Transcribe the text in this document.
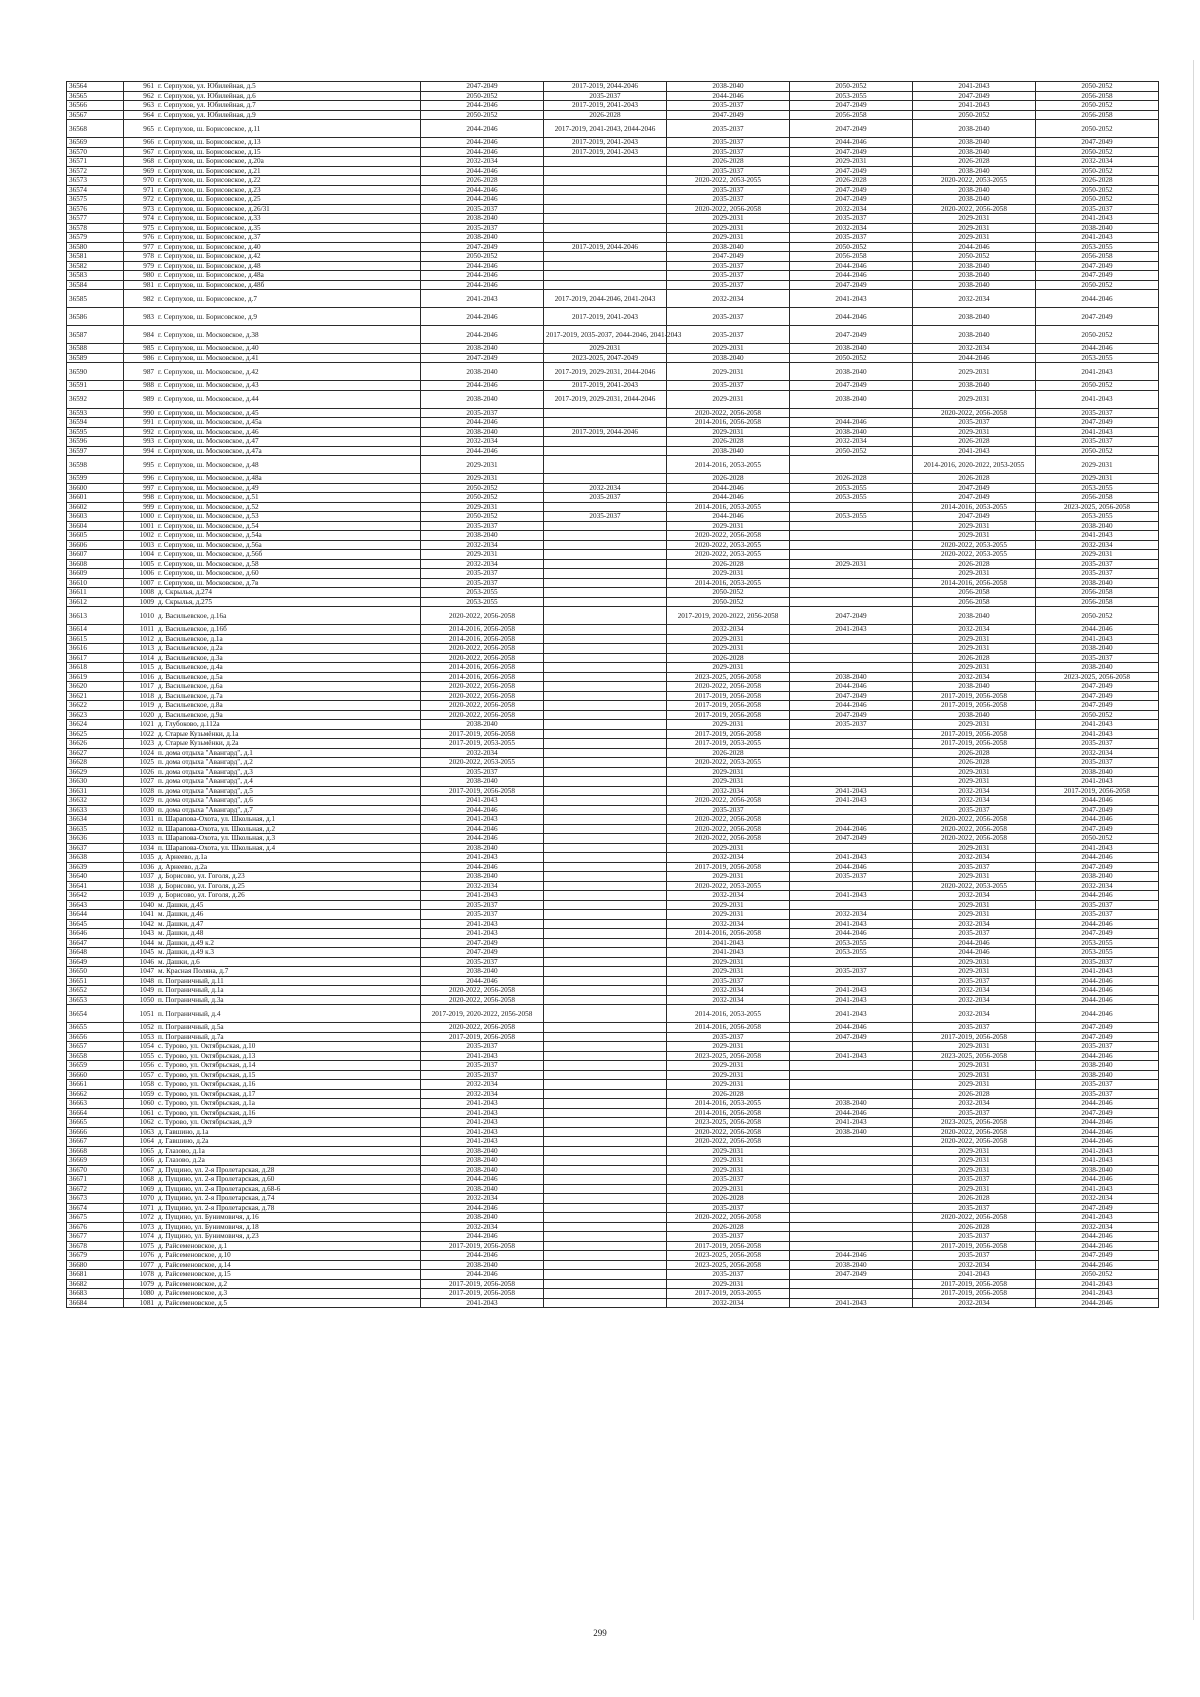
36564	961	г. Серпухов, ул. Юбилейная, д.5	2047-2049	2017-2019, 2044-2046	2038-2040	2050-2052	2041-2043	2050-2052
36565	962	г. Серпухов, ул. Юбилейная, д.6	2050-2052	2035-2037	2044-2046	2053-2055	2047-2049	2056-2058
36566	963	г. Серпухов, ул. Юбилейная, д.7	2044-2046	2017-2019, 2041-2043	2035-2037	2047-2049	2041-2043	2050-2052
36567	964	г. Серпухов, ул. Юбилейная, д.9	2050-2052	2026-2028	2047-2049	2056-2058	2050-2052	2056-2058
36568	965	г. Серпухов, ш. Борисовское, д.11	2044-2046	2017-2019, 2041-2043, 2044-2046	2035-2037	2047-2049	2038-2040	2050-2052
36569	966	г. Серпухов, ш. Борисовское, д.13	2044-2046	2017-2019, 2041-2043	2035-2037	2044-2046	2038-2040	2047-2049
36570	967	г. Серпухов, ш. Борисовское, д.15	2044-2046	2017-2019, 2041-2043	2035-2037	2047-2049	2038-2040	2050-2052
36571	968	г. Серпухов, ш. Борисовское, д.20а	2032-2034		2026-2028	2029-2031	2026-2028	2032-2034
36572	969	г. Серпухов, ш. Борисовское, д.21	2044-2046		2035-2037	2047-2049	2038-2040	2050-2052
36573	970	г. Серпухов, ш. Борисовское, д.22	2026-2028		2020-2022, 2053-2055	2026-2028	2020-2022, 2053-2055	2026-2028
36574	971	г. Серпухов, ш. Борисовское, д.23	2044-2046		2035-2037	2047-2049	2038-2040	2050-2052
36575	972	г. Серпухов, ш. Борисовское, д.25	2044-2046		2035-2037	2047-2049	2038-2040	2050-2052
36576	973	г. Серпухов, ш. Борисовское, д.26/31	2035-2037		2020-2022, 2056-2058	2032-2034	2020-2022, 2056-2058	2035-2037
36577	974	г. Серпухов, ш. Борисовское, д.33	2038-2040		2029-2031	2035-2037	2029-2031	2041-2043
36578	975	г. Серпухов, ш. Борисовское, д.35	2035-2037		2029-2031	2032-2034	2029-2031	2038-2040
36579	976	г. Серпухов, ш. Борисовское, д.37	2038-2040		2029-2031	2035-2037	2029-2031	2041-2043
36580	977	г. Серпухов, ш. Борисовское, д.40	2047-2049	2017-2019, 2044-2046	2038-2040	2050-2052	2044-2046	2053-2055
36581	978	г. Серпухов, ш. Борисовское, д.42	2050-2052		2047-2049	2056-2058	2050-2052	2056-2058
36582	979	г. Серпухов, ш. Борисовское, д.48	2044-2046		2035-2037	2044-2046	2038-2040	2047-2049
36583	980	г. Серпухов, ш. Борисовское, д.48а	2044-2046		2035-2037	2044-2046	2038-2040	2047-2049
36584	981	г. Серпухов, ш. Борисовское, д.48б	2044-2046		2035-2037	2047-2049	2038-2040	2050-2052
36585	982	г. Серпухов, ш. Борисовское, д.7	2041-2043	2017-2019, 2044-2046, 2041-2043	2032-2034	2041-2043	2032-2034	2044-2046
36586	983	г. Серпухов, ш. Борисовское, д.9	2044-2046	2017-2019, 2041-2043	2035-2037	2044-2046	2038-2040	2047-2049
36587	984	г. Серпухов, ш. Московское, д.38	2044-2046	2017-2019, 2035-2037, 2044-2046, 2041-2043	2035-2037	2047-2049	2038-2040	2050-2052
36588	985	г. Серпухов, ш. Московское, д.40	2038-2040	2029-2031	2029-2031	2038-2040	2032-2034	2044-2046
36589	986	г. Серпухов, ш. Московское, д.41	2047-2049	2023-2025, 2047-2049	2038-2040	2050-2052	2044-2046	2053-2055
36590	987	г. Серпухов, ш. Московское, д.42	2038-2040	2017-2019, 2029-2031, 2044-2046	2029-2031	2038-2040	2029-2031	2041-2043
36591	988	г. Серпухов, ш. Московское, д.43	2044-2046	2017-2019, 2041-2043	2035-2037	2047-2049	2038-2040	2050-2052
36592	989	г. Серпухов, ш. Московское, д.44	2038-2040	2017-2019, 2029-2031, 2044-2046	2029-2031	2038-2040	2029-2031	2041-2043
36593	990	г. Серпухов, ш. Московское, д.45	2035-2037		2020-2022, 2056-2058		2020-2022, 2056-2058	2035-2037
36594	991	г. Серпухов, ш. Московское, д.45а	2044-2046		2014-2016, 2056-2058	2044-2046	2035-2037	2047-2049
36595	992	г. Серпухов, ш. Московское, д.46	2038-2040	2017-2019, 2044-2046	2029-2031	2038-2040	2029-2031	2041-2043
36596	993	г. Серпухов, ш. Московское, д.47	2032-2034		2026-2028	2032-2034	2026-2028	2035-2037
36597	994	г. Серпухов, ш. Московское, д.47а	2044-2046		2038-2040	2050-2052	2041-2043	2050-2052
36598	995	г. Серпухов, ш. Московское, д.48	2029-2031		2014-2016, 2053-2055		2014-2016, 2020-2022, 2053-2055	2029-2031
36599	996	г. Серпухов, ш. Московское, д.48а	2029-2031		2026-2028	2026-2028	2026-2028	2029-2031
36600	997	г. Серпухов, ш. Московское, д.49	2050-2052	2032-2034	2044-2046	2053-2055	2047-2049	2053-2055
36601	998	г. Серпухов, ш. Московское, д.51	2050-2052	2035-2037	2044-2046	2053-2055	2047-2049	2056-2058
36602	999	г. Серпухов, ш. Московское, д.52	2029-2031		2014-2016, 2053-2055		2014-2016, 2053-2055	2023-2025, 2056-2058
36603	1000	г. Серпухов, ш. Московское, д.53	2050-2052	2035-2037	2044-2046	2053-2055	2047-2049	2053-2055
36604	1001	г. Серпухов, ш. Московское, д.54	2035-2037		2029-2031		2029-2031	2038-2040
36605	1002	г. Серпухов, ш. Московское, д.54а	2038-2040		2020-2022, 2056-2058		2029-2031	2041-2043
36606	1003	г. Серпухов, ш. Московское, д.56а	2032-2034		2020-2022, 2053-2055		2020-2022, 2053-2055	2032-2034
36607	1004	г. Серпухов, ш. Московское, д.56б	2029-2031		2020-2022, 2053-2055		2020-2022, 2053-2055	2029-2031
36608	1005	г. Серпухов, ш. Московское, д.58	2032-2034		2026-2028	2029-2031	2026-2028	2035-2037
36609	1006	г. Серпухов, ш. Московское, д.60	2035-2037		2029-2031		2029-2031	2035-2037
36610	1007	г. Серпухов, ш. Московское, д.7в	2035-2037		2014-2016, 2053-2055		2014-2016, 2056-2058	2038-2040
36611	1008	д. Скрылья, д.274	2053-2055		2050-2052		2056-2058	2056-2058
36612	1009	д. Скрылья, д.275	2053-2055		2050-2052		2056-2058	2056-2058
36613	1010	д. Васильевское, д.16а	2020-2022, 2056-2058		2017-2019, 2020-2022, 2056-2058	2047-2049	2038-2040	2050-2052
36614	1011	д. Васильевское, д.16б	2014-2016, 2056-2058		2032-2034	2041-2043	2032-2034	2044-2046
36615	1012	д. Васильевское, д.1а	2014-2016, 2056-2058		2029-2031		2029-2031	2041-2043
36616	1013	д. Васильевское, д.2а	2020-2022, 2056-2058		2029-2031		2029-2031	2038-2040
36617	1014	д. Васильевское, д.3а	2020-2022, 2056-2058		2026-2028		2026-2028	2035-2037
36618	1015	д. Васильевское, д.4а	2014-2016, 2056-2058		2029-2031		2029-2031	2038-2040
36619	1016	д. Васильевское, д.5а	2014-2016, 2056-2058		2023-2025, 2056-2058	2038-2040	2032-2034	2023-2025, 2056-2058
36620	1017	д. Васильевское, д.6а	2020-2022, 2056-2058		2020-2022, 2056-2058	2044-2046	2038-2040	2047-2049
36621	1018	д. Васильевское, д.7а	2020-2022, 2056-2058		2017-2019, 2056-2058	2047-2049	2017-2019, 2056-2058	2047-2049
36622	1019	д. Васильевское, д.8а	2020-2022, 2056-2058		2017-2019, 2056-2058	2044-2046	2017-2019, 2056-2058	2047-2049
36623	1020	д. Васильевское, д.9а	2020-2022, 2056-2058		2017-2019, 2056-2058	2047-2049	2038-2040	2050-2052
36624	1021	д. Глубоково, д.112а	2038-2040		2029-2031	2035-2037	2029-2031	2041-2043
36625	1022	д. Старые Кузьмёнки, д.1а	2017-2019, 2056-2058		2017-2019, 2056-2058		2017-2019, 2056-2058	2041-2043
36626	1023	д. Старые Кузьмёнки, д.2а	2017-2019, 2053-2055		2017-2019, 2053-2055		2017-2019, 2056-2058	2035-2037
36627	1024	п. дома отдыха "Авангард", д.1	2032-2034		2026-2028		2026-2028	2032-2034
36628	1025	п. дома отдыха "Авангард", д.2	2020-2022, 2053-2055		2020-2022, 2053-2055		2026-2028	2035-2037
36629	1026	п. дома отдыха "Авангард", д.3	2035-2037		2029-2031		2029-2031	2038-2040
36630	1027	п. дома отдыха "Авангард", д.4	2038-2040		2029-2031		2029-2031	2041-2043
36631	1028	п. дома отдыха "Авангард", д.5	2017-2019, 2056-2058		2032-2034	2041-2043	2032-2034	2017-2019, 2056-2058
36632	1029	п. дома отдыха "Авангард", д.6	2041-2043		2020-2022, 2056-2058	2041-2043	2032-2034	2044-2046
36633	1030	п. дома отдыха "Авангард", д.7	2044-2046		2035-2037		2035-2037	2047-2049
36634	1031	п. Шарапова-Охота, ул. Школьная, д.1	2041-2043		2020-2022, 2056-2058		2020-2022, 2056-2058	2044-2046
36635	1032	п. Шарапова-Охота, ул. Школьная, д.2	2044-2046		2020-2022, 2056-2058	2044-2046	2020-2022, 2056-2058	2047-2049
36636	1033	п. Шарапова-Охота, ул. Школьная, д.3	2044-2046		2020-2022, 2056-2058	2047-2049	2020-2022, 2056-2058	2050-2052
36637	1034	п. Шарапова-Охота, ул. Школьная, д.4	2038-2040		2029-2031		2029-2031	2041-2043
36638	1035	д. Арнеево, д.1а	2041-2043		2032-2034	2041-2043	2032-2034	2044-2046
36639	1036	д. Арнеево, д.2а	2044-2046		2017-2019, 2056-2058	2044-2046	2035-2037	2047-2049
36640	1037	д. Борисово, ул. Гоголя, д.23	2038-2040		2029-2031	2035-2037	2029-2031	2038-2040
36641	1038	д. Борисово, ул. Гоголя, д.25	2032-2034		2020-2022, 2053-2055		2020-2022, 2053-2055	2032-2034
36642	1039	д. Борисово, ул. Гоголя, д.26	2041-2043		2032-2034	2041-2043	2032-2034	2044-2046
36643	1040	м. Дашки, д.45	2035-2037		2029-2031		2029-2031	2035-2037
36644	1041	м. Дашки, д.46	2035-2037		2029-2031	2032-2034	2029-2031	2035-2037
36645	1042	м. Дашки, д.47	2041-2043		2032-2034	2041-2043	2032-2034	2044-2046
36646	1043	м. Дашки, д.48	2041-2043		2014-2016, 2056-2058	2044-2046	2035-2037	2047-2049
36647	1044	м. Дашки, д.49 к.2	2047-2049		2041-2043	2053-2055	2044-2046	2053-2055
36648	1045	м. Дашки, д.49 к.3	2047-2049		2041-2043	2053-2055	2044-2046	2053-2055
36649	1046	м. Дашки, д.6	2035-2037		2029-2031		2029-2031	2035-2037
36650	1047	м. Красная Поляна, д.7	2038-2040		2029-2031	2035-2037	2029-2031	2041-2043
36651	1048	п. Пограничный, д.11	2044-2046		2035-2037		2035-2037	2044-2046
36652	1049	п. Пограничный, д.1а	2020-2022, 2056-2058		2032-2034	2041-2043	2032-2034	2044-2046
36653	1050	п. Пограничный, д.3а	2020-2022, 2056-2058		2032-2034	2041-2043	2032-2034	2044-2046
36654	1051	п. Пограничный, д.4	2017-2019, 2020-2022, 2056-2058		2014-2016, 2053-2055	2041-2043	2032-2034	2044-2046
36655	1052	п. Пограничный, д.5а	2020-2022, 2056-2058		2014-2016, 2056-2058	2044-2046	2035-2037	2047-2049
36656	1053	п. Пограничный, д.7а	2017-2019, 2056-2058		2035-2037	2047-2049	2017-2019, 2056-2058	2047-2049
36657	1054	с. Турово, ул. Октябрьская, д.10	2035-2037		2029-2031		2029-2031	2035-2037
36658	1055	с. Турово, ул. Октябрьская, д.13	2041-2043		2023-2025, 2056-2058	2041-2043	2023-2025, 2056-2058	2044-2046
36659	1056	с. Турово, ул. Октябрьская, д.14	2035-2037		2029-2031		2029-2031	2038-2040
36660	1057	с. Турово, ул. Октябрьская, д.15	2035-2037		2029-2031		2029-2031	2038-2040
36661	1058	с. Турово, ул. Октябрьская, д.16	2032-2034		2029-2031		2029-2031	2035-2037
36662	1059	с. Турово, ул. Октябрьская, д.17	2032-2034		2026-2028		2026-2028	2035-2037
36663	1060	с. Турово, ул. Октябрьская, д.1а	2041-2043		2014-2016, 2053-2055	2038-2040	2032-2034	2044-2046
36664	1061	с. Турово, ул. Октябрьская, д.16	2041-2043		2014-2016, 2056-2058	2044-2046	2035-2037	2047-2049
36665	1062	с. Турово, ул. Октябрьская, д.9	2041-2043		2023-2025, 2056-2058	2041-2043	2023-2025, 2056-2058	2044-2046
36666	1063	д. Гавшино, д.1а	2041-2043		2020-2022, 2056-2058	2038-2040	2020-2022, 2056-2058	2044-2046
36667	1064	д. Гавшино, д.2а	2041-2043		2020-2022, 2056-2058		2020-2022, 2056-2058	2044-2046
36668	1065	д. Глазово, д.1а	2038-2040		2029-2031		2029-2031	2041-2043
36669	1066	д. Глазово, д.2а	2038-2040		2029-2031		2029-2031	2041-2043
36670	1067	д. Пущино, ул. 2-я Пролетарская, д.28	2038-2040		2029-2031		2029-2031	2038-2040
36671	1068	д. Пущино, ул. 2-я Пролетарская, д.60	2044-2046		2035-2037		2035-2037	2044-2046
36672	1069	д. Пущино, ул. 2-я Пролетарская, д.68-6	2038-2040		2029-2031		2029-2031	2041-2043
36673	1070	д. Пущино, ул. 2-я Пролетарская, д.74	2032-2034		2026-2028		2026-2028	2032-2034
36674	1071	д. Пущино, ул. 2-я Пролетарская, д.78	2044-2046		2035-2037		2035-2037	2047-2049
36675	1072	д. Пущино, ул. Бунимовичя, д.16	2038-2040		2020-2022, 2056-2058		2020-2022, 2056-2058	2041-2043
36676	1073	д. Пущино, ул. Бунимовичя, д.18	2032-2034		2026-2028		2026-2028	2032-2034
36677	1074	д. Пущино, ул. Бунимовичя, д.23	2044-2046		2035-2037		2035-2037	2044-2046
36678	1075	д. Райсеменовское, д.1	2017-2019, 2056-2058		2017-2019, 2056-2058		2017-2019, 2056-2058	2044-2046
36679	1076	д. Райсеменовское, д.10	2044-2046		2023-2025, 2056-2058	2044-2046	2035-2037	2047-2049
36680	1077	д. Райсеменовское, д.14	2038-2040		2023-2025, 2056-2058	2038-2040	2032-2034	2044-2046
36681	1078	д. Райсеменовское, д.15	2044-2046		2035-2037	2047-2049	2041-2043	2050-2052
36682	1079	д. Райсеменовское, д.2	2017-2019, 2056-2058		2029-2031		2017-2019, 2056-2058	2041-2043
36683	1080	д. Райсеменовское, д.3	2017-2019, 2056-2058		2017-2019, 2053-2055		2017-2019, 2056-2058	2041-2043
36684	1081	д. Райсеменовское, д.5	2041-2043		2032-2034	2041-2043	2032-2034	2044-2046
299
